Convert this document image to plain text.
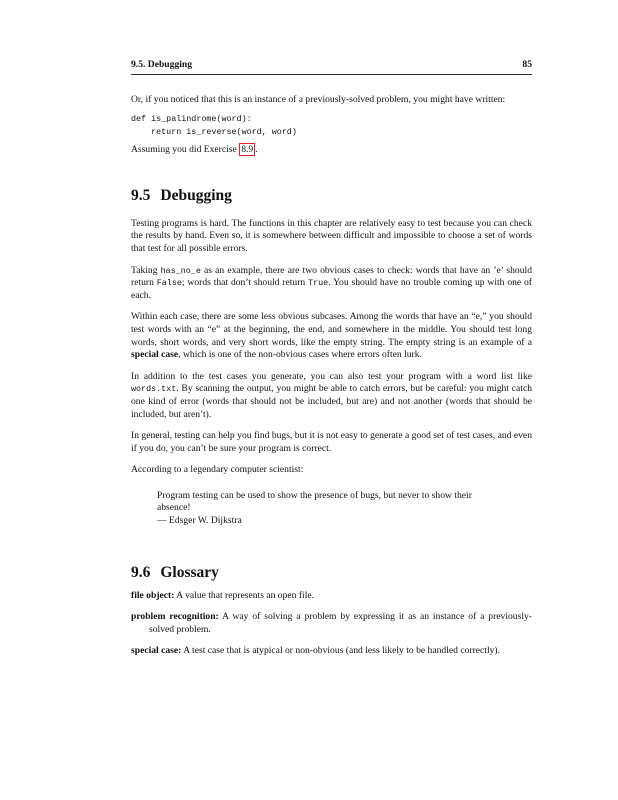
9.5. Debugging	85

Or, if you noticed that this is an instance of a previously-solved problem, you might have written:

def is_palindrome(word):
return is_reverse(word, word)

Assuming you did Exercise 8.9 .

9.5 Debugging

Testing programs is hard. The functions in this chapter are relatively easy to test because you can check the results by hand. Even so, it is somewhere between difficult and impossible to choose a set of words that test for all possible errors.

Taking has_no_e as an example, there are two obvious cases to check: words that have an ’e’ should return False; words that don’t should return True. You should have no trouble coming up with one of each.

Within each case, there are some less obvious subcases. Among the words that have an “e,” you should test words with an “e” at the beginning, the end, and somewhere in the middle. You should test long words, short words, and very short words, like the empty string. The empty string is an example of a special case, which is one of the non-obvious cases where errors often lurk.

In addition to the test cases you generate, you can also test your program with a word list like words.txt. By scanning the output, you might be able to catch errors, but be careful: you might catch one kind of error (words that should not be included, but are) and not another (words that should be included, but aren’t).

In general, testing can help you find bugs, but it is not easy to generate a good set of test cases, and even if you do, you can’t be sure your program is correct.

According to a legendary computer scientist:

Program testing can be used to show the presence of bugs, but never to show their absence!

— Edsger W. Dijkstra

9.6 Glossary

file object: A value that represents an open file.

problem recognition: A way of solving a problem by expressing it as an instance of a previously-solved problem.

special case: A test case that is atypical or non-obvious (and less likely to be handled correctly).
